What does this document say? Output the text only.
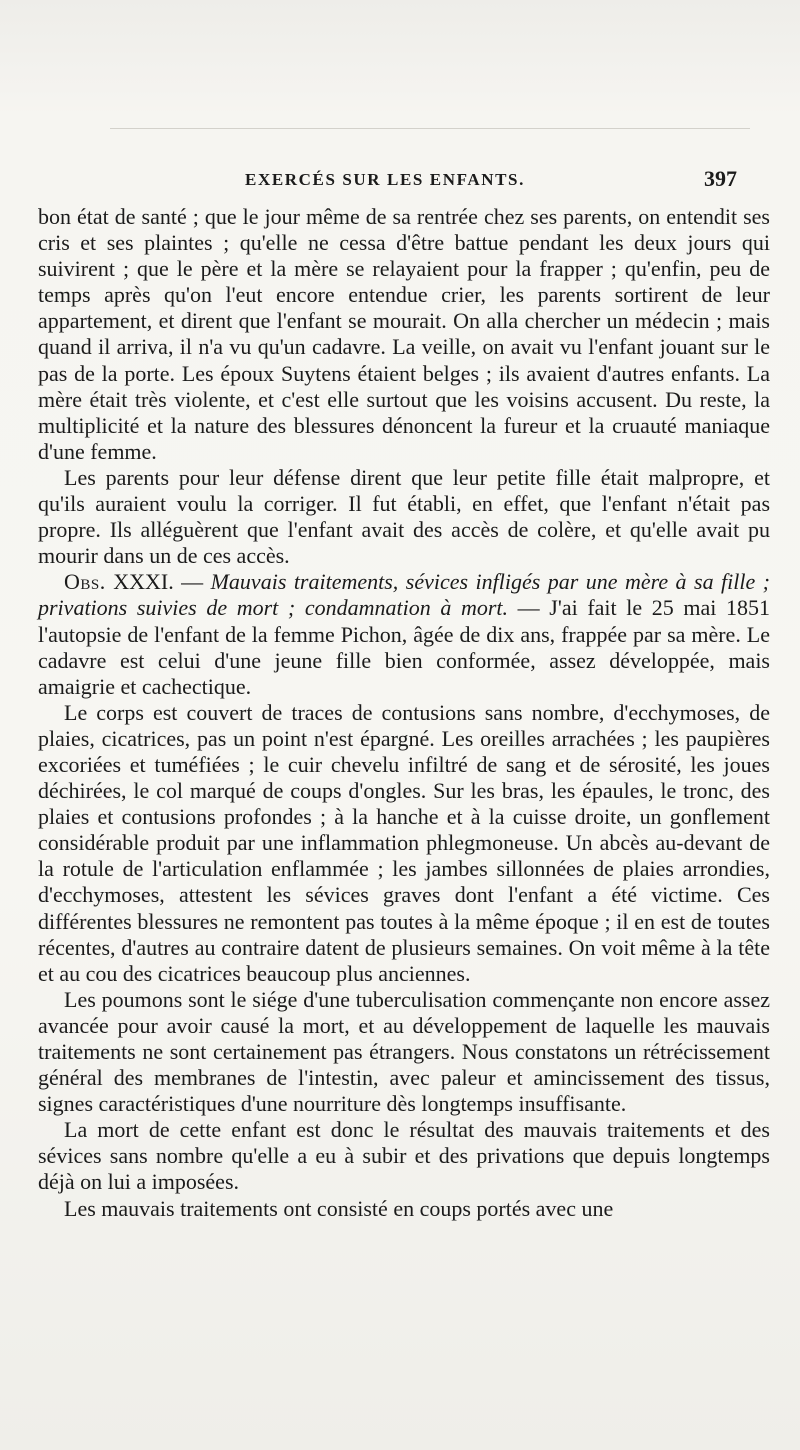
EXERCÉS SUR LES ENFANTS.	397

bon état de santé ; que le jour même de sa rentrée chez ses parents, on entendit ses cris et ses plaintes ; qu'elle ne cessa d'être battue pendant les deux jours qui suivirent ; que le père et la mère se relayaient pour la frapper ; qu'enfin, peu de temps après qu'on l'eut encore entendue crier, les parents sortirent de leur appartement, et dirent que l'enfant se mourait. On alla chercher un médecin ; mais quand il arriva, il n'a vu qu'un cadavre. La veille, on avait vu l'enfant jouant sur le pas de la porte. Les époux Suytens étaient belges ; ils avaient d'autres enfants. La mère était très violente, et c'est elle surtout que les voisins accusent. Du reste, la multiplicité et la nature des blessures dénoncent la fureur et la cruauté maniaque d'une femme.

Les parents pour leur défense dirent que leur petite fille était malpropre, et qu'ils auraient voulu la corriger. Il fut établi, en effet, que l'enfant n'était pas propre. Ils alléguèrent que l'enfant avait des accès de colère, et qu'elle avait pu mourir dans un de ces accès.

Obs. XXXI. — Mauvais traitements, sévices infligés par une mère à sa fille ; privations suivies de mort ; condamnation à mort. — J'ai fait le 25 mai 1851 l'autopsie de l'enfant de la femme Pichon, âgée de dix ans, frappée par sa mère. Le cadavre est celui d'une jeune fille bien conformée, assez développée, mais amaigrie et cachectique.

Le corps est couvert de traces de contusions sans nombre, d'ecchymoses, de plaies, cicatrices, pas un point n'est épargné. Les oreilles arrachées ; les paupières excoriées et tuméfiées ; le cuir chevelu infiltré de sang et de sérosité, les joues déchirées, le col marqué de coups d'ongles. Sur les bras, les épaules, le tronc, des plaies et contusions profondes ; à la hanche et à la cuisse droite, un gonflement considérable produit par une inflammation phlegmoneuse. Un abcès au-devant de la rotule de l'articulation enflammée ; les jambes sillonnées de plaies arrondies, d'ecchymoses, attestent les sévices graves dont l'enfant a été victime. Ces différentes blessures ne remontent pas toutes à la même époque ; il en est de toutes récentes, d'autres au contraire datent de plusieurs semaines. On voit même à la tête et au cou des cicatrices beaucoup plus anciennes.

Les poumons sont le siége d'une tuberculisation commençante non encore assez avancée pour avoir causé la mort, et au développement de laquelle les mauvais traitements ne sont certainement pas étrangers. Nous constatons un rétrécissement général des membranes de l'intestin, avec paleur et amincissement des tissus, signes caractéristiques d'une nourriture dès longtemps insuffisante.

La mort de cette enfant est donc le résultat des mauvais traitements et des sévices sans nombre qu'elle a eu à subir et des privations que depuis longtemps déjà on lui a imposées.

Les mauvais traitements ont consisté en coups portés avec une
